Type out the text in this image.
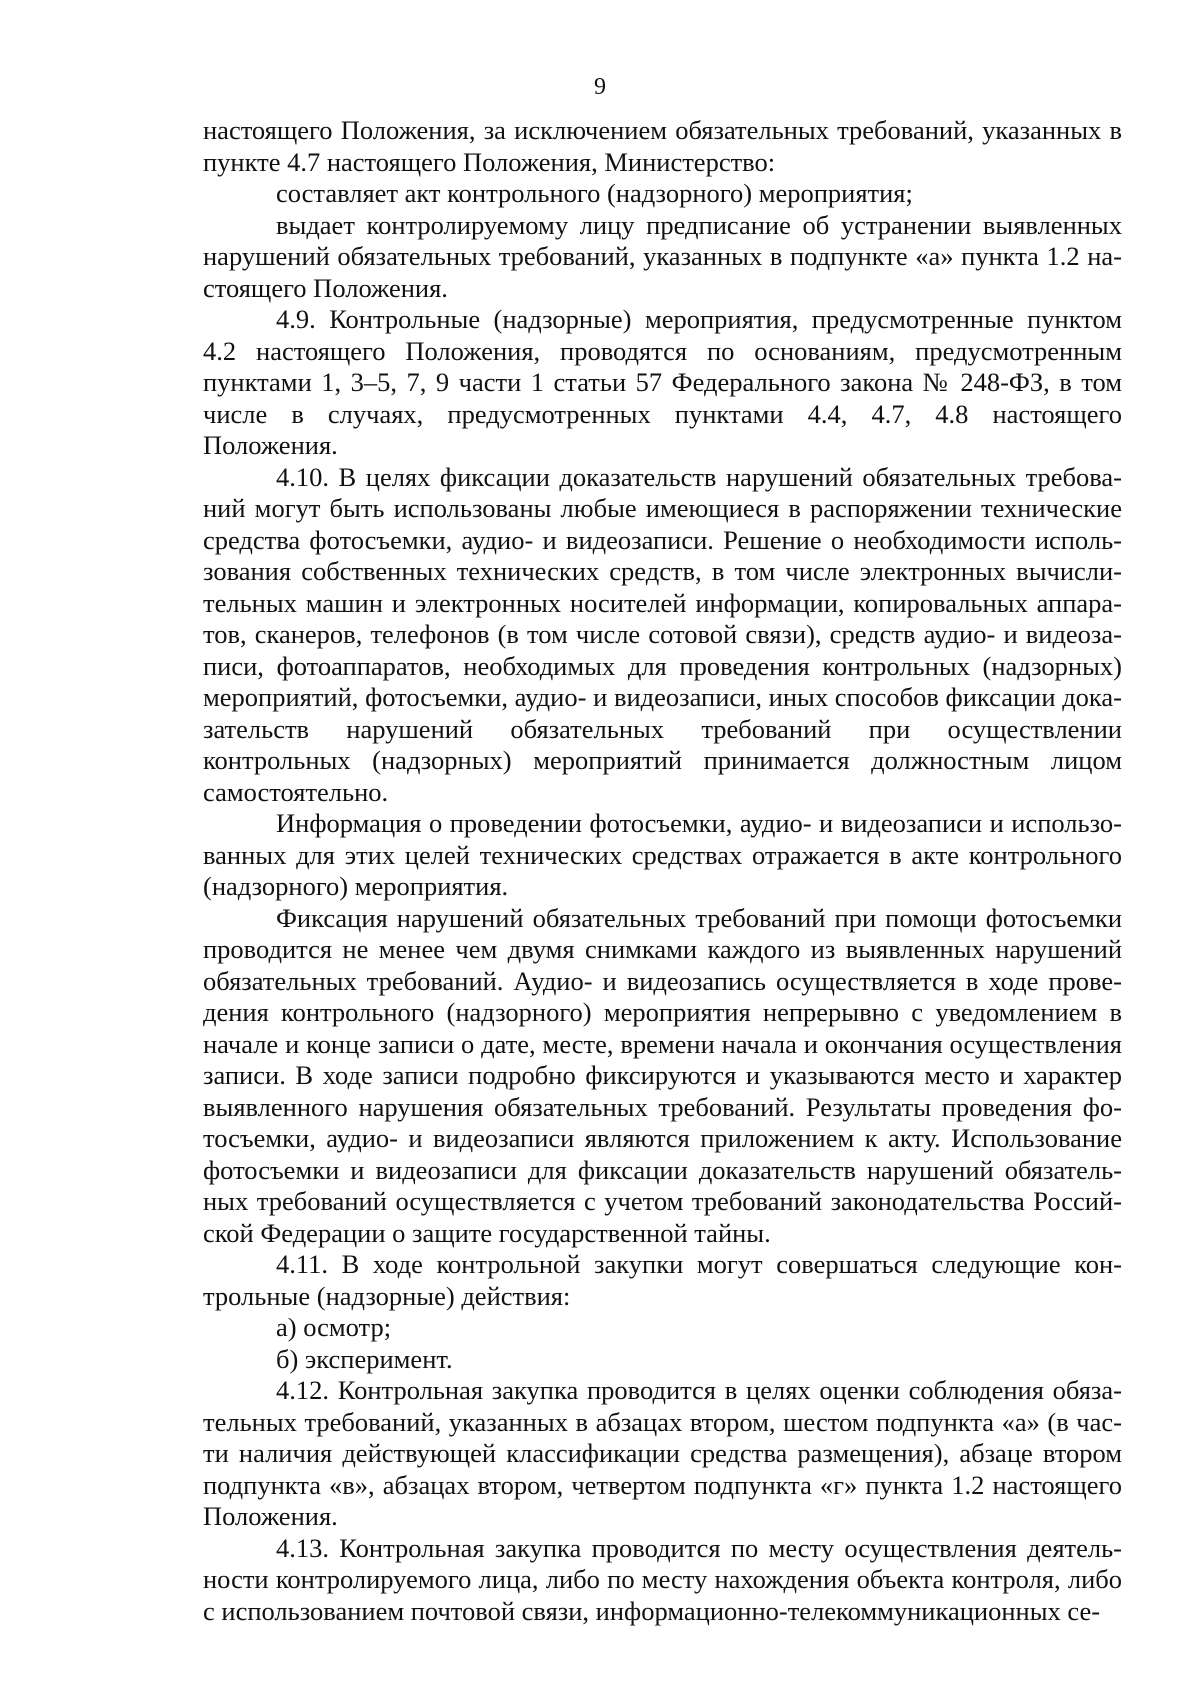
9

настоящего Положения, за исключением обязательных требований, указанных в пункте 4.7 настоящего Положения, Министерство:

составляет акт контрольного (надзорного) мероприятия;

выдает контролируемому лицу предписание об устранении выявленных нарушений обязательных требований, указанных в подпункте «а» пункта 1.2 настоящего Положения.

4.9. Контрольные (надзорные) мероприятия, предусмотренные пунктом 4.2 настоящего Положения, проводятся по основаниям, предусмотренным пунктами 1, 3–5, 7, 9 части 1 статьи 57 Федерального закона № 248-ФЗ, в том числе в случаях, предусмотренных пунктами 4.4, 4.7, 4.8 настоящего Положения.

4.10. В целях фиксации доказательств нарушений обязательных требований могут быть использованы любые имеющиеся в распоряжении технические средства фотосъемки, аудио- и видеозаписи. Решение о необходимости использования собственных технических средств, в том числе электронных вычислительных машин и электронных носителей информации, копировальных аппаратов, сканеров, телефонов (в том числе сотовой связи), средств аудио- и видеозаписи, фотоаппаратов, необходимых для проведения контрольных (надзорных) мероприятий, фотосъемки, аудио- и видеозаписи, иных способов фиксации доказательств нарушений обязательных требований при осуществлении контрольных (надзорных) мероприятий принимается должностным лицом самостоятельно.

Информация о проведении фотосъемки, аудио- и видеозаписи и использованных для этих целей технических средствах отражается в акте контрольного (надзорного) мероприятия.

Фиксация нарушений обязательных требований при помощи фотосъемки проводится не менее чем двумя снимками каждого из выявленных нарушений обязательных требований. Аудио- и видеозапись осуществляется в ходе проведения контрольного (надзорного) мероприятия непрерывно с уведомлением в начале и конце записи о дате, месте, времени начала и окончания осуществления записи. В ходе записи подробно фиксируются и указываются место и характер выявленного нарушения обязательных требований. Результаты проведения фотосъемки, аудио- и видеозаписи являются приложением к акту. Использование фотосъемки и видеозаписи для фиксации доказательств нарушений обязательных требований осуществляется с учетом требований законодательства Российской Федерации о защите государственной тайны.

4.11. В ходе контрольной закупки могут совершаться следующие контрольные (надзорные) действия:

а) осмотр;

б) эксперимент.

4.12. Контрольная закупка проводится в целях оценки соблюдения обязательных требований, указанных в абзацах втором, шестом подпункта «а» (в части наличия действующей классификации средства размещения), абзаце втором подпункта «в», абзацах втором, четвертом подпункта «г» пункта 1.2 настоящего Положения.

4.13. Контрольная закупка проводится по месту осуществления деятельности контролируемого лица, либо по месту нахождения объекта контроля, либо с использованием почтовой связи, информационно-телекоммуникационных се-
